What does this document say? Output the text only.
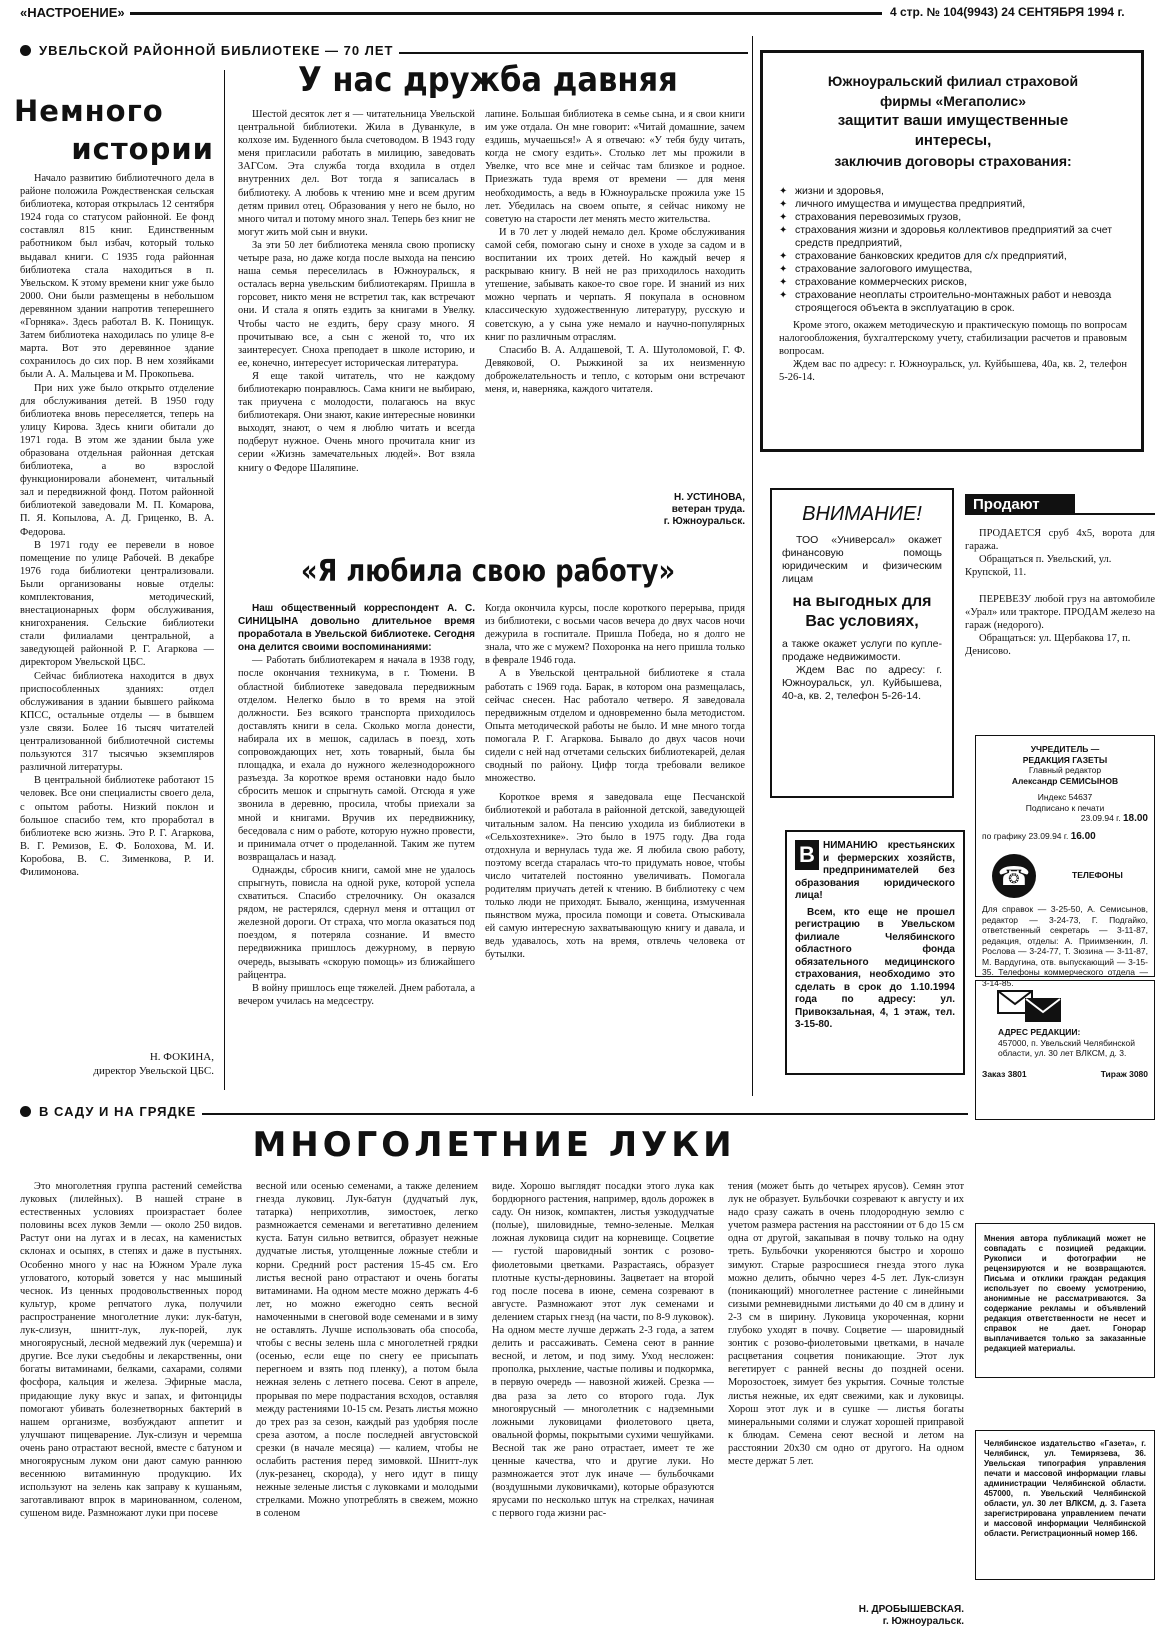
«НАСТРОЕНИЕ»	4 стр. № 104(9943) 24 СЕНТЯБРЯ 1994 г.
УВЕЛЬСКОЙ РАЙОННОЙ БИБЛИОТЕКЕ — 70 ЛЕТ
Немного
истории

Начало развитию библиотечного дела в районе положила Рождественская сельская библиотека, которая открылась 12 сентября 1924 года со статусом районной. Ее фонд составлял 815 книг. Единственным работником был избач, который только выдавал книги. С 1935 года районная библиотека стала находиться в п. Увельском. К этому времени книг уже было 2000. Они были размещены в небольшом деревянном здании напротив теперешнего «Горняка». Здесь работал В. К. Понищук. Затем библиотека находилась по улице 8-е марта. Вот это деревянное здание сохранилось до сих пор. В нем хозяйками были А. А. Мальцева и М. Прокопьева.

При них уже было открыто отделение для обслуживания детей. В 1950 году библиотека вновь переселяется, теперь на улицу Кирова. Здесь книги обитали до 1971 года. В этом же здании была уже образована отдельная районная детская библиотека, а во взрослой функционировали абонемент, читальный зал и передвижной фонд. Потом районной библиотекой заведовали М. П. Комарова, П. Я. Копылова, А. Д. Гриценко, В. А. Федорова.

В 1971 году ее перевели в новое помещение по улице Рабочей. В декабре 1976 года библиотеки централизовали. Были организованы новые отделы: комплектования, методический, внестационарных форм обслуживания, книгохранения. Сельские библиотеки стали филиалами центральной, а заведующей районной Р. Г. Агаркова — директором Увельской ЦБС.

Сейчас библиотека находится в двух приспособленных зданиях: отдел обслуживания в здании бывшего райкома КПСС, остальные отделы — в бывшем узле связи. Более 16 тысяч читателей централизованной библиотечной системы пользуются 317 тысячью экземпляров различной литературы.

В центральной библиотеке работают 15 человек. Все они специалисты своего дела, с опытом работы. Низкий поклон и большое спасибо тем, кто проработал в библиотеке всю жизнь. Это Р. Г. Агаркова, В. Г. Ремизов, Е. Ф. Болохова, М. И. Коробова, В. С. Зименкова, Р. И. Филимонова.

Н. ФОКИНА,
директор Увельской ЦБС.
У нас дружба давняя

Шестой десяток лет я — читательница Увельской центральной библиотеки. Жила в Дуванкуле, в колхозе им. Буденного была счетоводом. В 1943 году меня пригласили работать в милицию, заведовать ЗАГСом. Эта служба тогда входила в отдел внутренних дел. Вот тогда я записалась в библиотеку. А любовь к чтению мне и всем другим детям привил отец. Образования у него не было, но много читал и потому много знал. Теперь без книг не могут жить мой сын и внуки.

За эти 50 лет библиотека меняла свою прописку четыре раза, но даже когда после выхода на пенсию наша семья переселилась в Южноуральск, я осталась верна увельским библиотекарям. Пришла в горсовет, никто меня не встретил так, как встречают они. И стала я опять ездить за книгами в Увелку. Чтобы часто не ездить, беру сразу много. Я прочитываю все, а сын с женой то, что их заинтересует. Сноха преподает в школе историю, и ее, конечно, интересует историческая литература.

Я еще такой читатель, что не каждому библиотекарю понравлюсь. Сама книги не выбираю, так приучена с молодости, полагаюсь на вкус библиотекаря. Они знают, какие интересные новинки выходят, знают, о чем я люблю читать и всегда подберут нужное. Очень много прочитала книг из серии «Жизнь замечательных людей». Вот взяла книгу о Федоре Шаляпине.

лапине. Большая библиотека в семье сына, и я свои книги им уже отдала. Он мне говорит: «Читай домашние, зачем ездишь, мучаешься!» А я отвечаю: «У тебя буду читать, когда не смогу ездить». Столько лет мы прожили в Увелке, что все мне и сейчас там близкое и родное. Приезжать туда время от времени — для меня необходимость, а ведь в Южноуральске прожила уже 15 лет. Убедилась на своем опыте, я сейчас никому не советую на старости лет менять место жительства.

И в 70 лет у людей немало дел. Кроме обслуживания самой себя, помогаю сыну и снохе в уходе за садом и в воспитании их троих детей. Но каждый вечер я раскрываю книгу. В ней не раз приходилось находить утешение, забывать какое-то свое горе. И знаний из них можно черпать и черпать. Я покупала в основном классическую художественную литературу, русскую и советскую, а у сына уже немало и научно-популярных книг по различным отраслям.

Спасибо В. А. Алдашевой, Т. А. Шутоломовой, Г. Ф. Девяковой, О. Рыжкиной за их неизменную доброжелательность и тепло, с которым они встречают меня, и, наверняка, каждого читателя.

Н. УСТИНОВА,
ветеран труда.
г. Южноуральск.
«Я любила свою работу»

Наш общественный корреспондент А. С. СИНИЦЫНА довольно длительное время проработала в Увельской библиотеке. Сегодня она делится своими воспоминаниями:

— Работать библиотекарем я начала в 1938 году, после окончания техникума, в г. Тюмени. В областной библиотеке заведовала передвижным отделом. Нелегко было в то время на этой должности. Без всякого транспорта приходилось доставлять книги в села. Сколько могла донести, набирала их в мешок, садилась в поезд, хоть сопровождающих нет, хоть товарный, была бы площадка, и ехала до нужного железнодорожного разъезда. За короткое время остановки надо было сбросить мешок и спрыгнуть самой. Отсюда я уже звонила в деревню, просила, чтобы приехали за мной и книгами. Вручив их передвижнику, беседовала с ним о работе, которую нужно провести, и принимала отчет о проделанной. Таким же путем возвращалась и назад.

Однажды, сбросив книги, самой мне не удалось спрыгнуть, повисла на одной руке, которой успела схватиться. Спасибо стрелочнику. Он оказался рядом, не растерялся, сдернул меня и оттащил от железной дороги. От страха, что могла оказаться под поездом, я потеряла сознание. И вместо передвижника пришлось дежурному, в первую очередь, вызывать «скорую помощь» из ближайшего райцентра.

В войну пришлось еще тяжелей. Днем работала, а вечером училась на медсестру.

Когда окончила курсы, после короткого перерыва, придя из библиотеки, с восьми часов вечера до двух часов ночи дежурила в госпитале. Пришла Победа, но я долго не знала, что же с мужем? Похоронка на него пришла только в феврале 1946 года.

А в Увельской центральной библиотеке я стала работать с 1969 года. Барак, в котором она размещалась, сейчас снесен. Нас работало четверо. Я заведовала передвижным отделом и одновременно была методистом. Опыта методической работы не было. И мне много тогда помогала Р. Г. Агаркова. Бывало до двух часов ночи сидели с ней над отчетами сельских библиотекарей, делая сводный по району. Цифр тогда требовали великое множество.

Короткое время я заведовала еще Песчанской библиотекой и работала в районной детской, заведующей читальным залом. На пенсию уходила из библиотеки в «Сельхозтехнике». Это было в 1975 году. Два года отдохнула и вернулась туда же. Я любила свою работу, поэтому всегда старалась что-то придумать новое, чтобы число читателей постоянно увеличивать. Помогала родителям приучать детей к чтению. В библиотеку с чем только люди не приходят. Бывало, женщина, измученная пьянством мужа, просила помощи и совета. Отыскивала ей самую интересную захватывающую книгу и давала, и ведь удавалось, хоть на время, отвлечь человека от бутылки.

Южноуральский филиал страховой
фирмы «Мегаполис»
защитит ваши имущественные
интересы,
заключив договоры страхования:
✦ жизни и здоровья,
✦ личного имущества и имущества предприятий,
✦ страхования перевозимых грузов,
✦ страхования жизни и здоровья коллективов предприятий за счет средств предприятий,
✦ страхование банковских кредитов для с/х предприятий,
✦ страхование залогового имущества,
✦ страхование коммерческих рисков,
✦ страхование неоплаты строительно-монтажных работ и невозда строящегося объекта в эксплуатацию в срок.

Кроме этого, окажем методическую и практическую помощь по вопросам налогообложения, бухгалтерскому учету, стабилизации расчетов и правовым вопросам.

Ждем вас по адресу: г. Южноуральск, ул. Куйбышева, 40а, кв. 2, телефон 5-26-14.

ВНИМАНИЕ!

ТОО «Универсал» окажет финансовую помощь юридическим и физическим лицам

на выгодных для Вас условиях,

а также окажет услуги по купле-продаже недвижимости.

Ждем Вас по адресу: г. Южноуральск, ул. Куйбышева, 40-а, кв. 2, телефон 5-26-14.

Продают

ПРОДАЕТСЯ сруб 4х5, ворота для гаража.

Обращаться п. Увельский, ул. Крупской, 11.

ПЕРЕВЕЗУ любой груз на автомобиле «Урал» или тракторе. ПРОДАМ железо на гараж (недорого).

Обращаться: ул. Щербакова 17, п. Денисово.

В НИМАНИЮ крестьянских и фермерских хозяйств, предпринимателей без образования юридического лица!

Всем, кто еще не прошел регистрацию в Увельском филиале Челябинского областного фонда обязательного медицинского страхования, необходимо это сделать в срок до 1.10.1994 года по адресу: ул. Привокзальная, 4, 1 этаж, тел. 3-15-80.

УЧРЕДИТЕЛЬ —
РЕДАКЦИЯ ГАЗЕТЫ
Главный редактор
Александр СЕМИСЫНОВ
Индекс 54637
Подписано к печати
23.09.94 г. 18.00
по графику 23.09.94 г. 16.00
☎	ТЕЛЕФОНЫ

Для справок — 3-25-50, А. Семисынов, редактор — 3-24-73, Г. Подгайко, ответственный секретарь — 3-11-87, редакция, отделы: А. Приимзенкин, Л. Рослова — 3-24-77, Т. Зюзина — 3-11-87, М. Вардугина, отв. выпускающий — 3-15-35. Телефоны коммерческого отдела — 3-14-85.

АДРЕС РЕДАКЦИИ:

457000, п. Увельский Челябинской области, ул. 30 лет ВЛКСМ, д. 3.

Заказ 3801	Тираж 3080

Мнения автора публикаций может не совпадать с позицией редакции. Рукописи и фотографии не рецензируются и не возвращаются. Письма и отклики граждан редакция использует по своему усмотрению, анонимные не рассматриваются. За содержание рекламы и объявлений редакция ответственности не несет и справок не дает. Гонорар выплачивается только за заказанные редакцией материалы.

Челябинское издательство «Газета», г. Челябинск, ул. Темирязева, 36. Увельская типография управления печати и массовой информации главы администрации Челябинской области. 457000, п. Увельский Челябинской области, ул. 30 лет ВЛКСМ, д. 3. Газета зарегистрирована управлением печати и массовой информации Челябинской области. Регистрационный номер 166.

В САДУ И НА ГРЯДКЕ
МНОГОЛЕТНИЕ ЛУКИ

Это многолетняя группа растений семейства луковых (лилейных). В нашей стране в естественных условиях произрастает более половины всех луков Земли — около 250 видов. Растут они на лугах и в лесах, на каменистых склонах и осыпях, в степях и даже в пустынях. Особенно много у нас на Южном Урале лука угловатого, который зовется у нас мышиный чеснок. Из ценных продовольственных пород культур, кроме репчатого лука, получили распространение многолетние луки: лук-батун, лук-слизун, шнитт-лук, лук-порей, лук многоярусный, лесной медвежий лук (черемша) и другие. Все луки съедобны и лекарственны, они богаты витаминами, белками, сахарами, солями фосфора, кальция и железа. Эфирные масла, придающие луку вкус и запах, и фитонциды помогают убивать болезнетворных бактерий в нашем организме, возбуждают аппетит и улучшают пищеварение. Лук-слизун и черемша очень рано отрастают весной, вместе с батуном и многоярусным луком они дают самую раннюю весеннюю витаминную продукцию. Их используют на зелень как заправу к кушаньям, заготавливают впрок в маринованном, соленом, сушеном виде. Размножают луки при посеве

весной или осенью семенами, а также делением гнезда луковиц. Лук-батун (дудчатый лук, татарка) неприхотлив, зимостоек, легко размножается семенами и вегетативно делением куста. Батун сильно ветвится, образует нежные дудчатые листья, утолщенные ложные стебли и корни. Средний рост растения 15-45 см. Его листья весной рано отрастают и очень богаты витаминами. На одном месте можно держать 4-6 лет, но можно ежегодно сеять весной намоченными в снеговой воде семенами и в зиму не оставлять. Лучше использовать оба способа, чтобы с весны зелень шла с многолетней грядки (осенью, если еще по снегу ее присыпать перегноем и взять под пленку), а потом была нежная зелень с летнего посева. Сеют в апреле, прорывая по мере подрастания всходов, оставляя между растениями 10-15 см. Резать листья можно до трех раз за сезон, каждый раз удобряя после среза азотом, а после последней августовской срезки (в начале месяца) — калием, чтобы не ослабить растения перед зимовкой. Шнитт-лук (лук-резанец, скорода), у него идут в пищу нежные зеленые листья с луковками и молодыми стрелками. Можно употреблять в свежем, можно в соленом

виде. Хорошо выглядят посадки этого лука как бордюрного растения, например, вдоль дорожек в саду. Он низок, компактен, листья узкодудчатые (полые), шиловидные, темно-зеленые. Мелкая ложная луковица сидит на корневище. Соцветие — густой шаровидный зонтик с розово-фиолетовыми цветками. Разрастаясь, образует плотные кусты-дерновины. Зацветает на второй год после посева в июне, семена созревают в августе. Размножают этот лук семенами и делением старых гнезд (на части, по 8-9 луковок). На одном месте лучше держать 2-3 года, а затем делить и рассаживать. Семена сеют в ранние весной, и летом, и под зиму. Уход несложен: прополка, рыхление, частые поливы и подкормка, в первую очередь — навозной жижей. Срезка — два раза за лето со второго года. Лук многоярусный — многолетник с надземными ложными луковицами фиолетового цвета, овальной формы, покрытыми сухими чешуйками. Весной так же рано отрастает, имеет те же ценные качества, что и другие луки. Но размножается этот лук иначе — бульбочками (воздушными луковичками), которые образуются ярусами по несколько штук на стрелках, начиная с первого года жизни рас-

тения (может быть до четырех ярусов). Семян этот лук не образует. Бульбочки созревают к августу и их надо сразу сажать в очень плодородную землю с учетом размера растения на расстоянии от 6 до 15 см одна от другой, закапывая в почву только на одну треть. Бульбочки укореняются быстро и хорошо зимуют. Старые разросшиеся гнезда этого лука можно делить, обычно через 4-5 лет. Лук-слизун (поникающий) многолетнее растение с линейными сизыми ремневидными листьями до 40 см в длину и 2-3 см в ширину. Луковица укороченная, корни глубоко уходят в почву. Соцветие — шаровидный зонтик с розово-фиолетовыми цветками, в начале расцветания соцветия поникающие. Этот лук вегетирует с ранней весны до поздней осени. Морозостоек, зимует без укрытия. Сочные толстые листья нежные, их едят свежими, как и луковицы. Хорош этот лук и в сушке — листья богаты минеральными солями и служат хорошей приправой к блюдам. Семена сеют весной и летом на расстоянии 20х30 см одно от другого. На одном месте держат 5 лет.

Н. ДРОБЫШЕВСКАЯ.
г. Южноуральск.
